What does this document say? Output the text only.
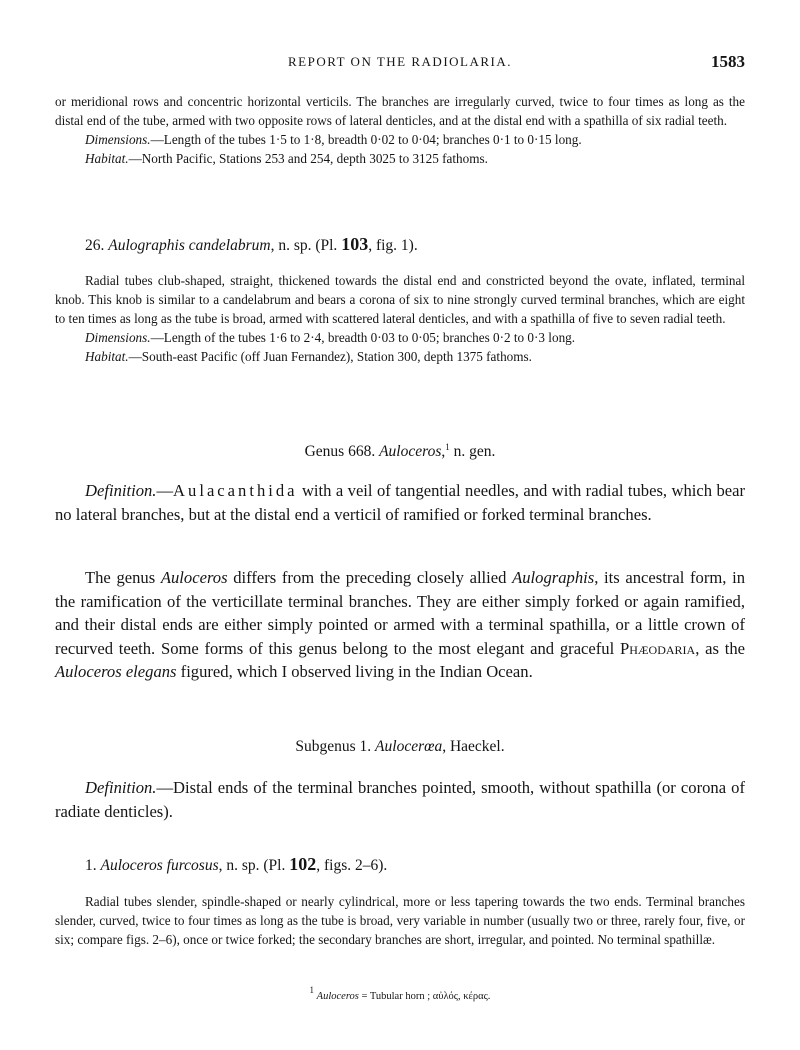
REPORT ON THE RADIOLARIA.	1583

or meridional rows and concentric horizontal verticils. The branches are irregularly curved, twice to four times as long as the distal end of the tube, armed with two opposite rows of lateral denticles, and at the distal end with a spathilla of six radial teeth.

Dimensions.—Length of the tubes 1·5 to 1·8, breadth 0·02 to 0·04; branches 0·1 to 0·15 long.

Habitat.—North Pacific, Stations 253 and 254, depth 3025 to 3125 fathoms.

26. Aulographis candelabrum, n. sp. (Pl. 103, fig. 1).

Radial tubes club-shaped, straight, thickened towards the distal end and constricted beyond the ovate, inflated, terminal knob. This knob is similar to a candelabrum and bears a corona of six to nine strongly curved terminal branches, which are eight to ten times as long as the tube is broad, armed with scattered lateral denticles, and with a spathilla of five to seven radial teeth.

Dimensions.—Length of the tubes 1·6 to 2·4, breadth 0·03 to 0·05; branches 0·2 to 0·3 long.

Habitat.—South-east Pacific (off Juan Fernandez), Station 300, depth 1375 fathoms.

Genus 668. Auloceros,$^1$ n. gen.

Definition.—Aulacanthida with a veil of tangential needles, and with radial tubes, which bear no lateral branches, but at the distal end a verticil of ramified or forked terminal branches.

The genus Auloceros differs from the preceding closely allied Aulographis, its ancestral form, in the ramification of the verticillate terminal branches. They are either simply forked or again ramified, and their distal ends are either simply pointed or armed with a terminal spathilla, or a little crown of recurved teeth. Some forms of this genus belong to the most elegant and graceful Phæodaria, as the Auloceros elegans figured, which I observed living in the Indian Ocean.

Subgenus 1. Aulocerœa, Haeckel.

Definition.—Distal ends of the terminal branches pointed, smooth, without spathilla (or corona of radiate denticles).

1. Auloceros furcosus, n. sp. (Pl. 102, figs. 2–6).

Radial tubes slender, spindle-shaped or nearly cylindrical, more or less tapering towards the two ends. Terminal branches slender, curved, twice to four times as long as the tube is broad, very variable in number (usually two or three, rarely four, five, or six; compare figs. 2–6), once or twice forked; the secondary branches are short, irregular, and pointed. No terminal spathillæ.

$^1$ Auloceros = Tubular horn ; αὐλός, κέρας.
